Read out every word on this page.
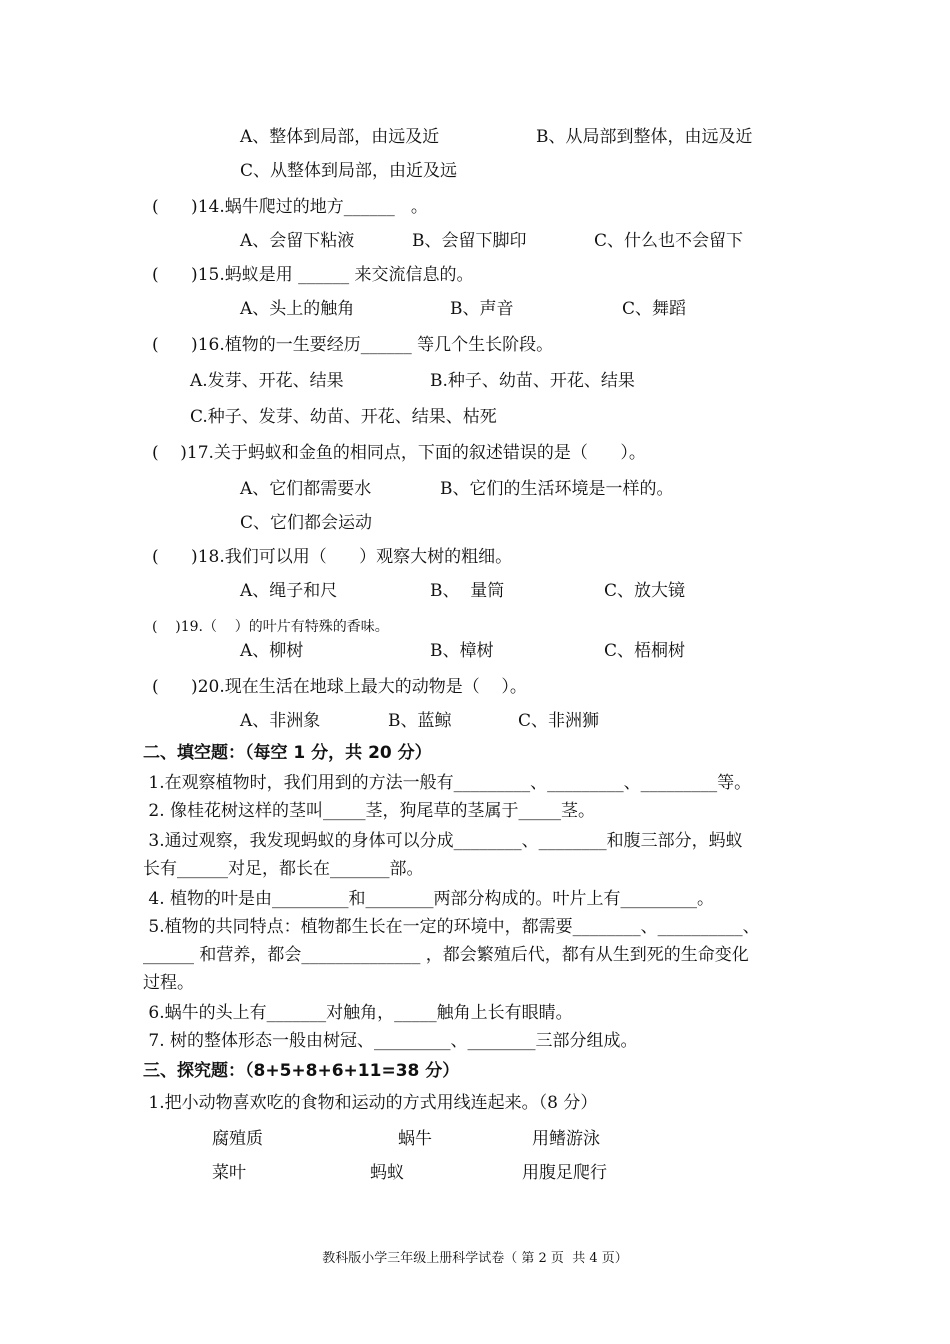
A、整体到局部，由远及近	B、从局部到整体，由远及近
C、从整体到局部，由近及远
(      )14.蜗牛爬过的地方______   。
A、会留下粘液	B、会留下脚印	C、什么也不会留下
(      )15.蚂蚁是用 ______ 来交流信息的。
A、头上的触角	B、声音	C、舞蹈
(      )16.植物的一生要经历______ 等几个生长阶段。
A.发芽、开花、结果	B.种子、幼苗、开花、结果
C.种子、发芽、幼苗、开花、结果、枯死
(    )17.关于蚂蚁和金鱼的相同点，下面的叙述错误的是（      ）。
A、它们都需要水	B、它们的生活环境是一样的。
C、它们都会运动
(      )18.我们可以用（      ）观察大树的粗细。
A、绳子和尺	B、  量筒	C、放大镜
(    )19.（    ）的叶片有特殊的香味。
A、柳树	B、樟树	C、梧桐树
(      )20.现在生活在地球上最大的动物是（    ）。
A、非洲象	B、蓝鲸	C、非洲狮
二、填空题：（每空 1 分，共 20 分）
1.在观察植物时，我们用到的方法一般有_________、_________、_________等。
2. 像桂花树这样的茎叫_____茎，狗尾草的茎属于_____茎。
3.通过观察，我发现蚂蚁的身体可以分成________、________和腹三部分，蚂蚁
长有______对足，都长在_______部。
4. 植物的叶是由_________和________两部分构成的。叶片上有_________。
5.植物的共同特点：植物都生长在一定的环境中，都需要________、__________、
______ 和营养，都会______________ ，都会繁殖后代，都有从生到死的生命变化
过程。
6.蜗牛的头上有_______对触角，_____触角上长有眼睛。
7. 树的整体形态一般由树冠、_________、________三部分组成。
三、探究题：（8+5+8+6+11=38 分）
1.把小动物喜欢吃的食物和运动的方式用线连起来。（8 分）
腐殖质	蜗牛	用鳍游泳
菜叶	蚂蚁	用腹足爬行
教科版小学三年级上册科学试卷（ 第 2 页  共 4 页）
